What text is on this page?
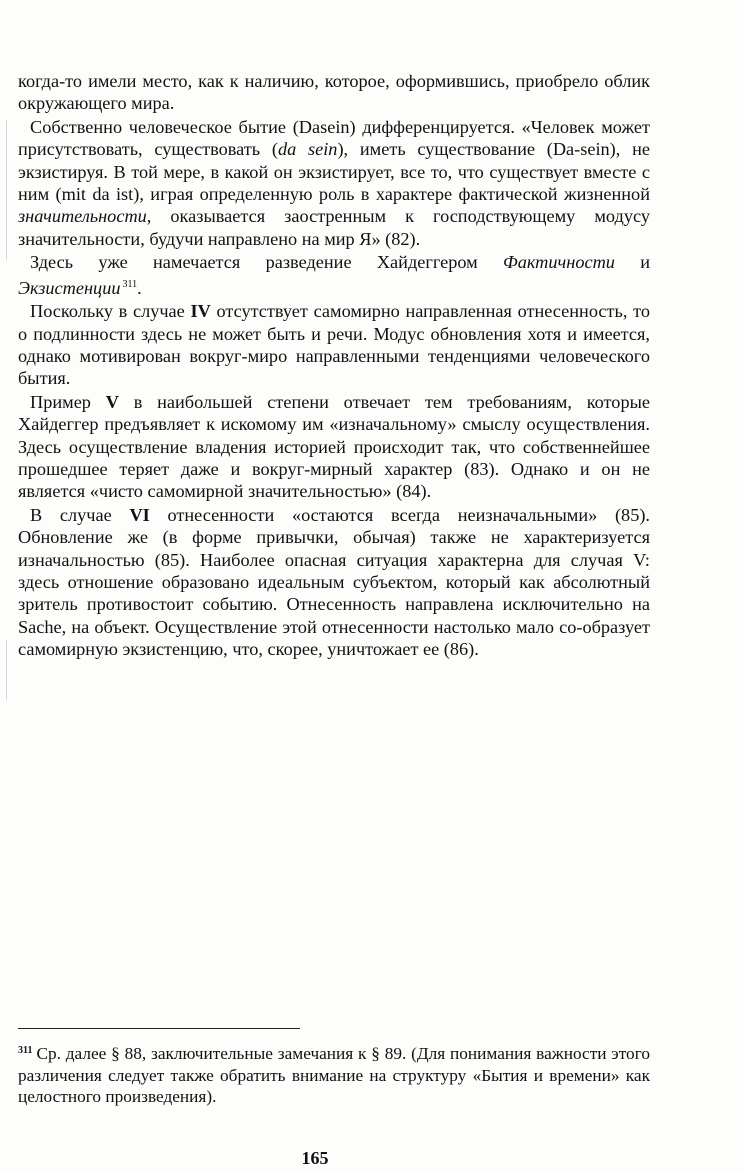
когда-то имели место, как к наличию, которое, оформившись, приобрело облик окружающего мира.

Собственно человеческое бытие (Dasein) дифференцируется. «Человек может присутствовать, существовать (da sein), иметь существование (Da-sein), не экзистируя. В той мере, в какой он экзистирует, все то, что существует вместе с ним (mit da ist), играя определенную роль в характере фактической жизненной значительности, оказывается заостренным к господствующему модусу значительности, будучи направлено на мир Я» (82).

Здесь уже намечается разведение Хайдеггером Фактичности и Экзистенции $^{311}$.

Поскольку в случае IV отсутствует самомирно направленная отнесенность, то о подлинности здесь не может быть и речи. Модус обновления хотя и имеется, однако мотивирован вокруг-миро направленными тенденциями человеческого бытия.

Пример V в наибольшей степени отвечает тем требованиям, которые Хайдеггер предъявляет к искомому им «изначальному» смыслу осуществления. Здесь осуществление владения историей происходит так, что собственнейшее прошедшее теряет даже и вокруг-мирный характер (83). Однако и он не является «чисто самомирной значительностью» (84).

В случае VI отнесенности «остаются всегда неизначальными» (85). Обновление же (в форме привычки, обычая) также не характеризуется изначальностью (85). Наиболее опасная ситуация характерна для случая V: здесь отношение образовано идеальным субъектом, который как абсолютный зритель противостоит событию. Отнесенность направлена исключительно на Sache, на объект. Осуществление этой отнесенности настолько мало со-образует самомирную экзистенцию, что, скорее, уничтожает ее (86).

$^{311}$ Ср. далее § 88, заключительные замечания к § 89. (Для понимания важности этого различения следует также обратить внимание на структуру «Бытия и времени» как целостного произведения).
165
